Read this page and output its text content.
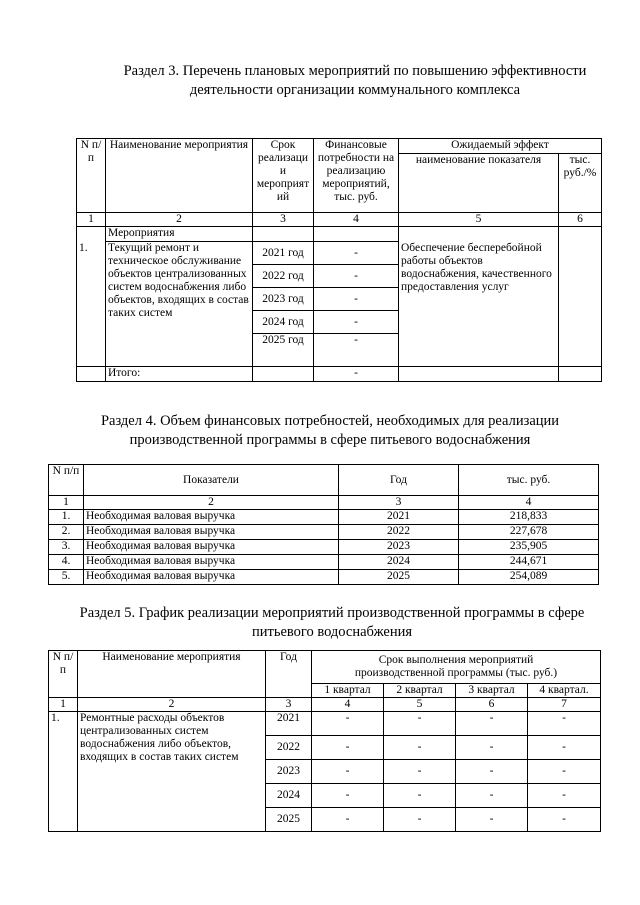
Раздел 3. Перечень плановых мероприятий по повышению эффективности
деятельности организации коммунального комплекса
N п/п	Наименование мероприятия	Срок реализаци и мероприят ий	Финансовые потребности на реализацию мероприятий, тыс. руб.	Ожидаемый эффект	
				наименование показателя	тыс. руб./%
1	2	3	4	5	6
	Мероприятия				
1.	Текущий ремонт и техническое обслуживание объектов централизованных систем водоснабжения либо объектов, входящих в состав таких систем	2021 год	-	Обеспечение бесперебойной работы объектов водоснабжения, качественного предоставления услуг	
		2022 год	-		
		2023 год	-		
		2024 год	-		
		2025 год	-		
	Итого:		-		
Раздел 4. Объем финансовых потребностей, необходимых для реализации
производственной программы в сфере питьевого водоснабжения
N п/п	Показатели	Год	тыс. руб.
1	2	3	4
1.	Необходимая валовая выручка	2021	218,833
2.	Необходимая валовая выручка	2022	227,678
3.	Необходимая валовая выручка	2023	235,905
4.	Необходимая валовая выручка	2024	244,671
5.	Необходимая валовая выручка	2025	254,089
Раздел 5. График реализации мероприятий производственной программы в сфере
питьевого водоснабжения
N п/ п	Наименование мероприятия	Год	Срок выполнения мероприятий производственной программы (тыс. руб.)			
			1 квартал	2 квартал	3 квартал	4 квартал.
1	2	3	4	5	6	7
1.	Ремонтные расходы объектов централизованных систем водоснабжения либо объектов, входящих в состав таких систем	2021	-	-	-	-
		2022	-	-	-	-
		2023	-	-	-	-
		2024	-	-	-	-
		2025	-	-	-	-
